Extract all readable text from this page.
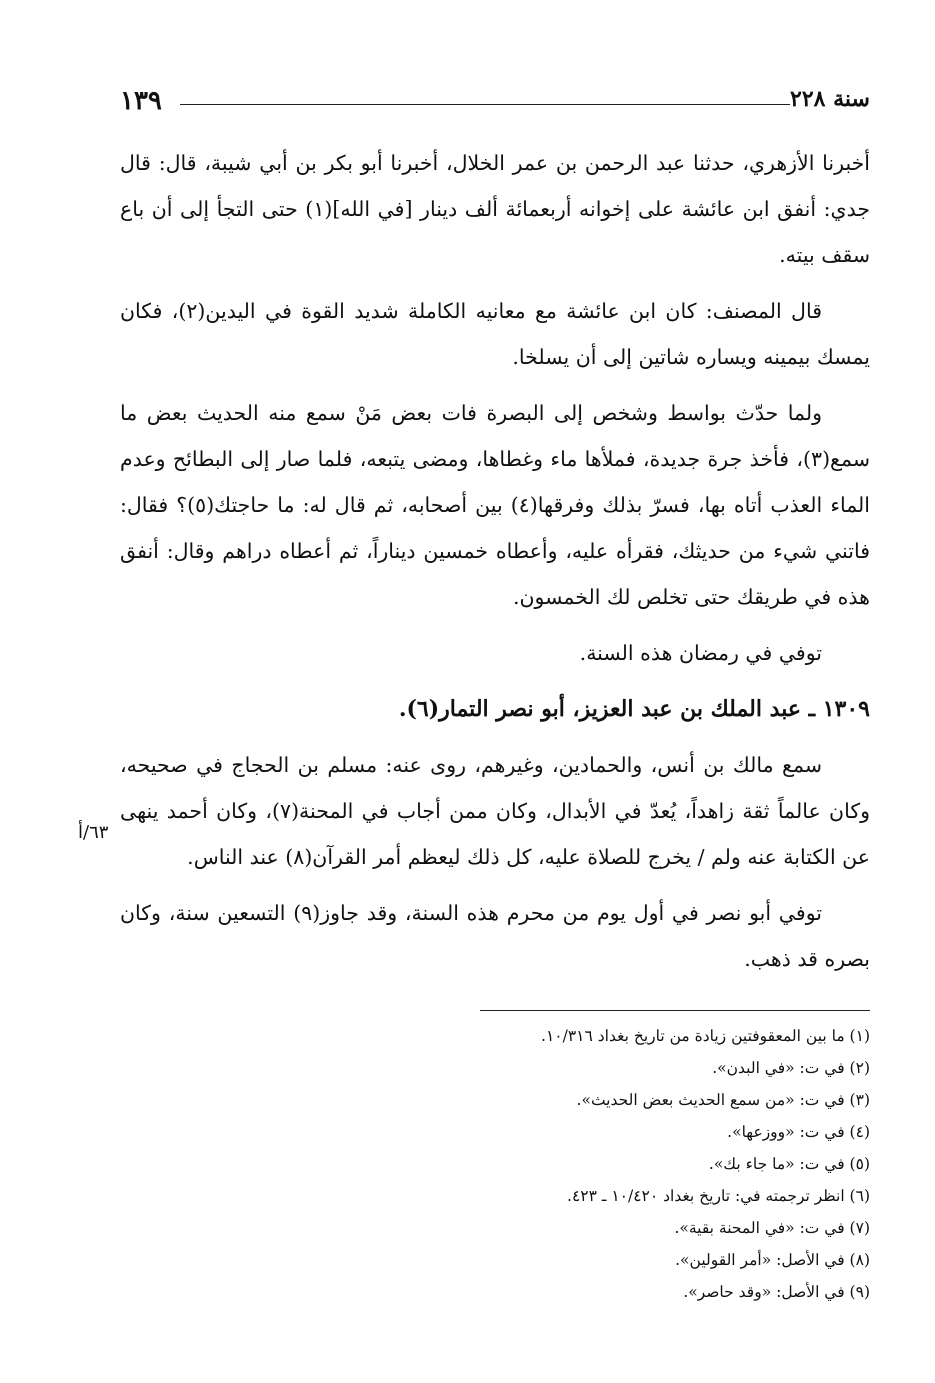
١٣٩	سنة ٢٢٨

أخبرنا الأزهري، حدثنا عبد الرحمن بن عمر الخلال، أخبرنا أبو بكر بن أبي شيبة، قال: قال جدي: أنفق ابن عائشة على إخوانه أربعمائة ألف دينار [في الله](١) حتى التجأ إلى أن باع سقف بيته.

قال المصنف: كان ابن عائشة مع معانيه الكاملة شديد القوة في اليدين(٢)، فكان يمسك بيمينه ويساره شاتين إلى أن يسلخا.

ولما حدّث بواسط وشخص إلى البصرة فات بعض مَنْ سمع منه الحديث بعض ما سمع(٣)، فأخذ جرة جديدة، فملأها ماء وغطاها، ومضى يتبعه، فلما صار إلى البطائح وعدم الماء العذب أتاه بها، فسرّ بذلك وفرقها(٤) بين أصحابه، ثم قال له: ما حاجتك(٥)؟ فقال: فاتني شيء من حديثك، فقرأه عليه، وأعطاه خمسين ديناراً، ثم أعطاه دراهم وقال: أنفق هذه في طريقك حتى تخلص لك الخمسون.

توفي في رمضان هذه السنة.

١٣٠٩ ـ عبد الملك بن عبد العزيز، أبو نصر التمار(٦).

سمع مالك بن أنس، والحمادين، وغيرهم، روى عنه: مسلم بن الحجاج في صحيحه، وكان عالماً ثقة زاهداً، يُعدّ في الأبدال، وكان ممن أجاب في المحنة(٧)، وكان أحمد ينهى عن الكتابة عنه ولم / يخرج للصلاة عليه، كل ذلك ليعظم أمر القرآن(٨) عند الناس.

توفي أبو نصر في أول يوم من محرم هذه السنة، وقد جاوز(٩) التسعين سنة، وكان بصره قد ذهب.

٦٣/أ

(١) ما بين المعقوفتين زيادة من تاريخ بغداد ١٠/٣١٦.

(٢) في ت: «في البدن».

(٣) في ت: «من سمع الحديث بعض الحديث».

(٤) في ت: «ووزعها».

(٥) في ت: «ما جاء بك».

(٦) انظر ترجمته في: تاريخ بغداد ١٠/٤٢٠ ـ ٤٢٣.

(٧) في ت: «في المحنة بقية».

(٨) في الأصل: «أمر القولين».

(٩) في الأصل: «وقد حاصر».
